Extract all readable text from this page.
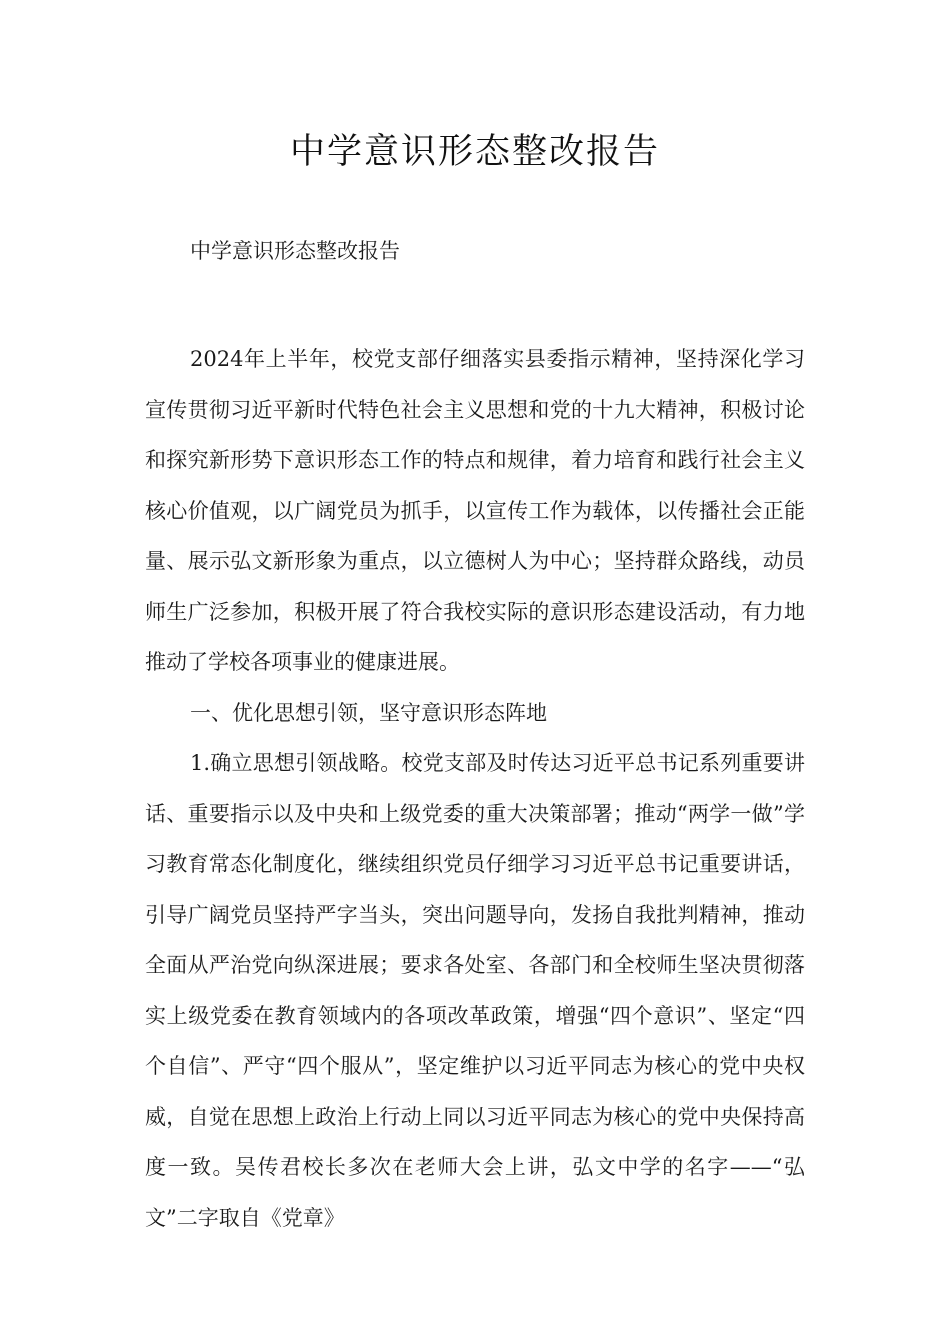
中学意识形态整改报告

中学意识形态整改报告

2024年上半年，校党支部仔细落实县委指示精神，坚持深化学习宣传贯彻习近平新时代特色社会主义思想和党的十九大精神，积极讨论和探究新形势下意识形态工作的特点和规律，着力培育和践行社会主义核心价值观，以广阔党员为抓手，以宣传工作为载体，以传播社会正能量、展示弘文新形象为重点，以立德树人为中心；坚持群众路线，动员师生广泛参加，积极开展了符合我校实际的意识形态建设活动，有力地推动了学校各项事业的健康进展。

一、优化思想引领，坚守意识形态阵地

1.确立思想引领战略。校党支部及时传达习近平总书记系列重要讲话、重要指示以及中央和上级党委的重大决策部署；推动“两学一做”学习教育常态化制度化，继续组织党员仔细学习习近平总书记重要讲话，引导广阔党员坚持严字当头，突出问题导向，发扬自我批判精神，推动全面从严治党向纵深进展；要求各处室、各部门和全校师生坚决贯彻落实上级党委在教育领域内的各项改革政策，增强“四个意识”、坚定“四个自信”、严守“四个服从”，坚定维护以习近平同志为核心的党中央权威，自觉在思想上政治上行动上同以习近平同志为核心的党中央保持高度一致。吴传君校长多次在老师大会上讲，弘文中学的名字——“弘文”二字取自《党章》
